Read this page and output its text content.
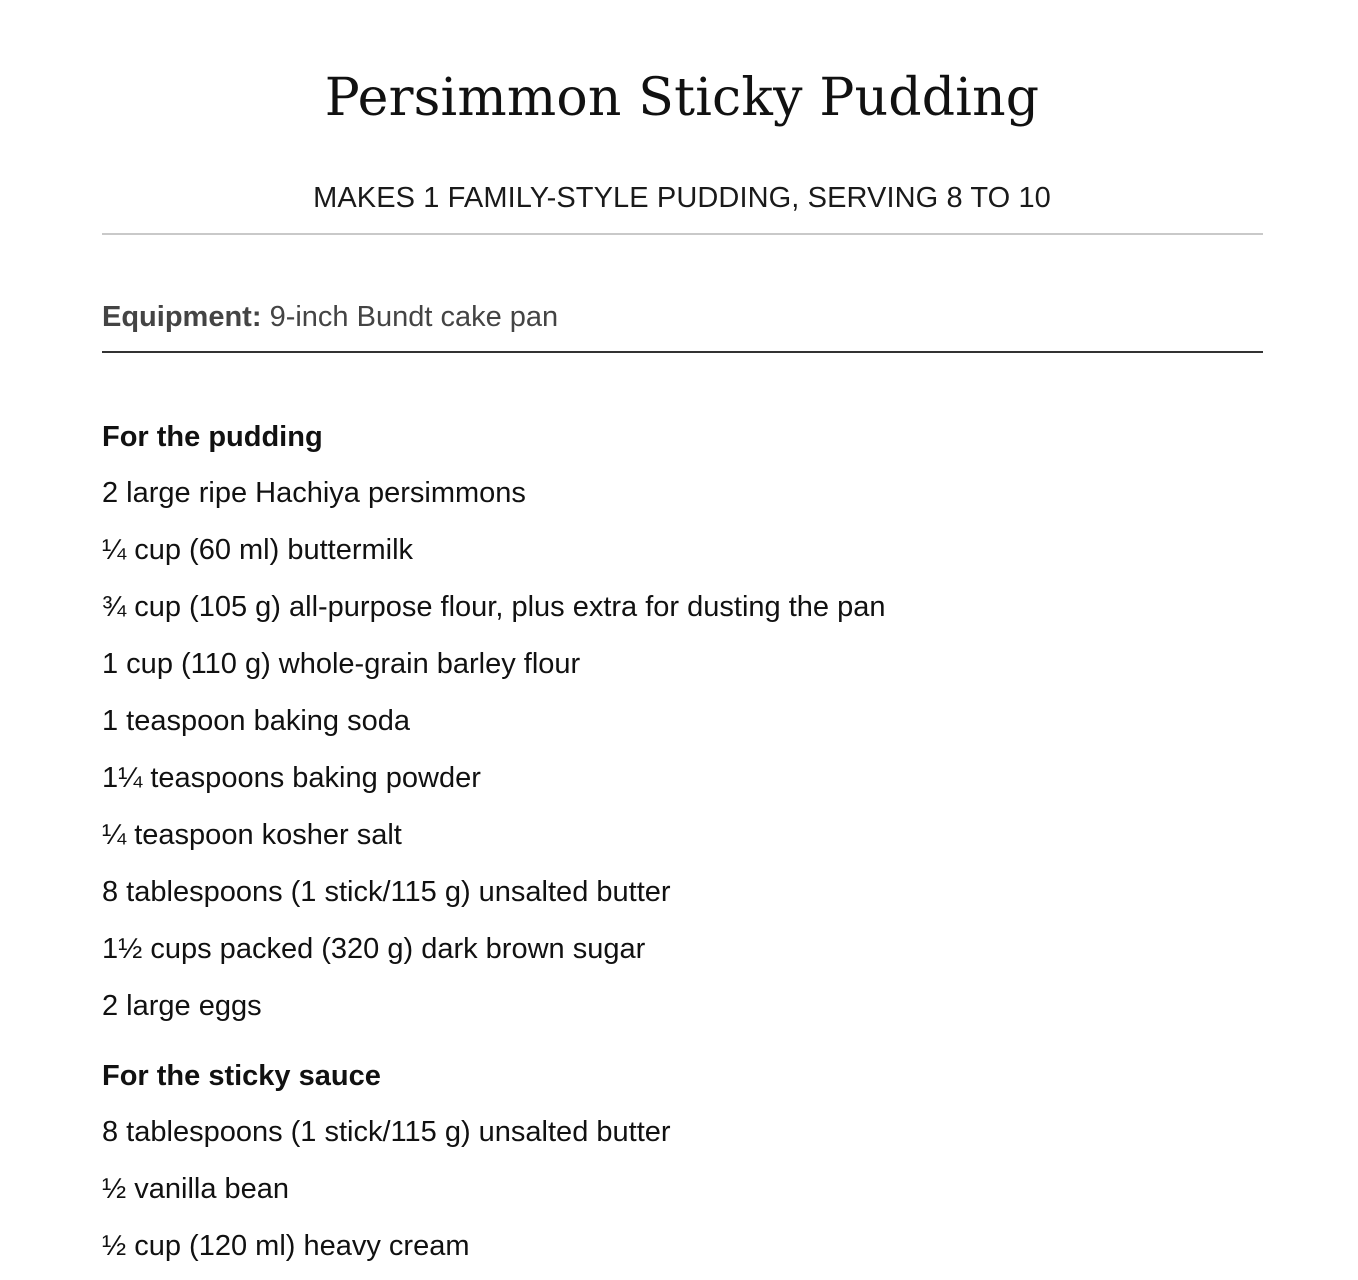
Persimmon Sticky Pudding
MAKES 1 FAMILY-STYLE PUDDING, SERVING 8 TO 10
Equipment: 9-inch Bundt cake pan
For the pudding
2 large ripe Hachiya persimmons
¼ cup (60 ml) buttermilk
¾ cup (105 g) all-purpose flour, plus extra for dusting the pan
1 cup (110 g) whole-grain barley flour
1 teaspoon baking soda
1¼ teaspoons baking powder
¼ teaspoon kosher salt
8 tablespoons (1 stick/115 g) unsalted butter
1½ cups packed (320 g) dark brown sugar
2 large eggs
For the sticky sauce
8 tablespoons (1 stick/115 g) unsalted butter
½ vanilla bean
½ cup (120 ml) heavy cream
